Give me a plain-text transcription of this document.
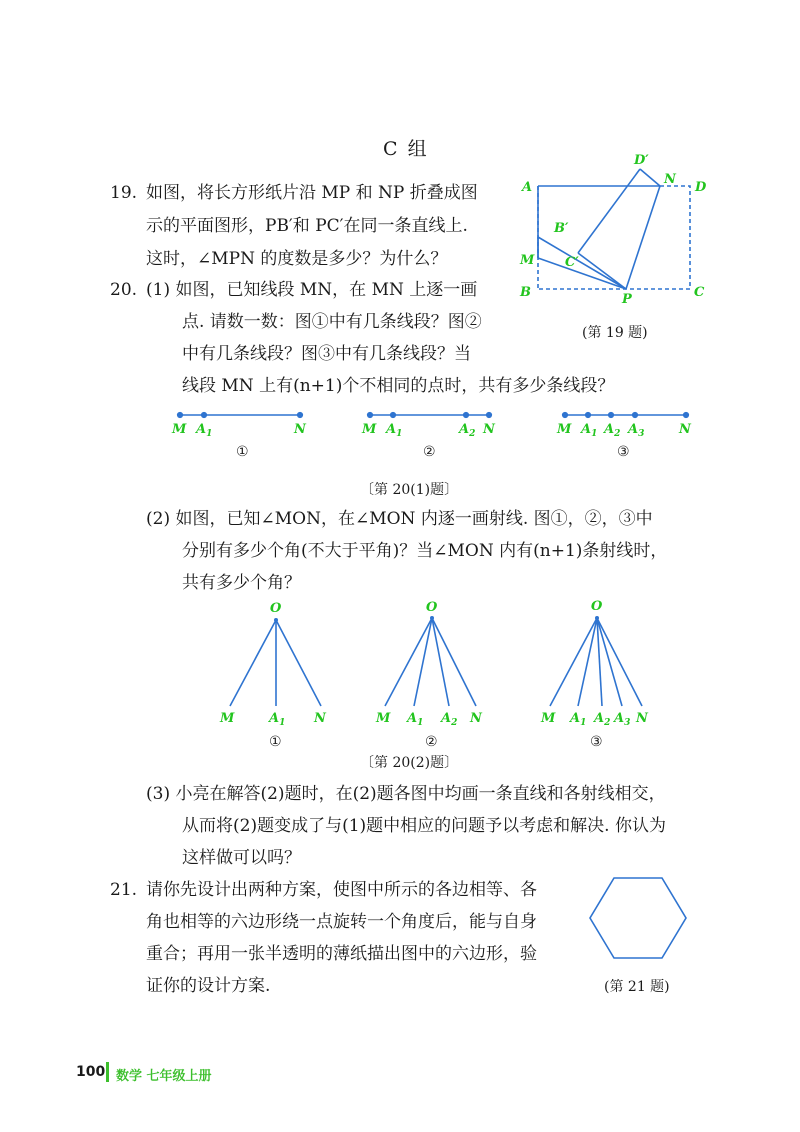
C 组
19. 如图，将长方形纸片沿 MP 和 NP 折叠成图
示的平面图形，PB′和 PC′在同一条直线上.
这时，∠MPN 的度数是多少？为什么？
A
B	C
D
M
N
P
B′
C′
D′
(第 19 题)
20. (1) 如图，已知线段 MN，在 MN 上逐一画
点. 请数一数：图①中有几条线段？图②
中有几条线段？图③中有几条线段？当
线段 MN 上有(n+1)个不相同的点时，共有多少条线段？
M $A_1$	N	M $A_1$	$A_2$ N	M $A_1$ $A_2$ $A_3$	N
①	②	③
〔第 20(1)题〕
(2) 如图，已知∠MON，在∠MON 内逐一画射线. 图①，②，③中
分别有多少个角(不大于平角)？当∠MON 内有(n+1)条射线时，
共有多少个角？
O	O	O
M	$A_1$ N	M $A_1$ $A_2$ N	M $A_1$ $A_2$ $A_3$ N
①	②	③
〔第 20(2)题〕
(3) 小亮在解答(2)题时，在(2)题各图中均画一条直线和各射线相交，
从而将(2)题变成了与(1)题中相应的问题予以考虑和解决. 你认为
这样做可以吗？
21. 请你先设计出两种方案，使图中所示的各边相等、各
角也相等的六边形绕一点旋转一个角度后，能与自身
重合；再用一张半透明的薄纸描出图中的六边形，验
证你的设计方案.	(第 21 题)
100 数学 七年级上册
